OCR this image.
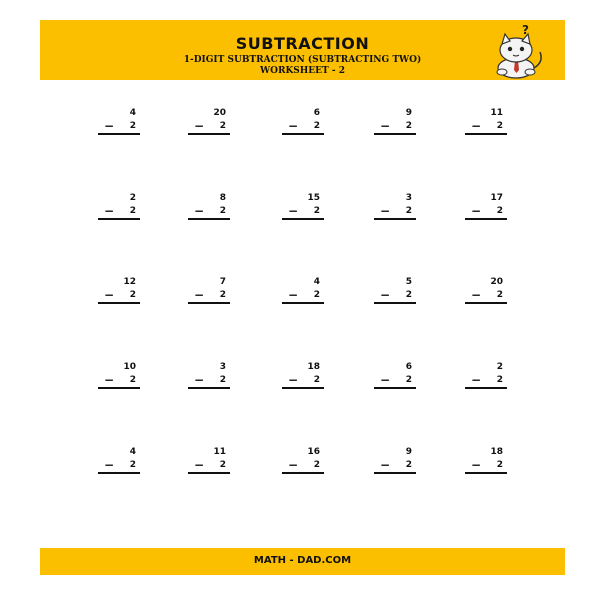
SUBTRACTION
1-DIGIT SUBTRACTION (SUBTRACTING TWO)
WORKSHEET - 2
?
4
− 2
20
− 2
6
− 2
9
− 2
11
− 2
2
− 2
8
− 2
15
− 2
3
− 2
17
− 2
12
− 2
7
− 2
4
− 2
5
− 2
20
− 2
10
− 2
3
− 2
18
− 2
6
− 2
2
− 2
4
− 2
11
− 2
16
− 2
9
− 2
18
− 2
MATH - DAD.COM
